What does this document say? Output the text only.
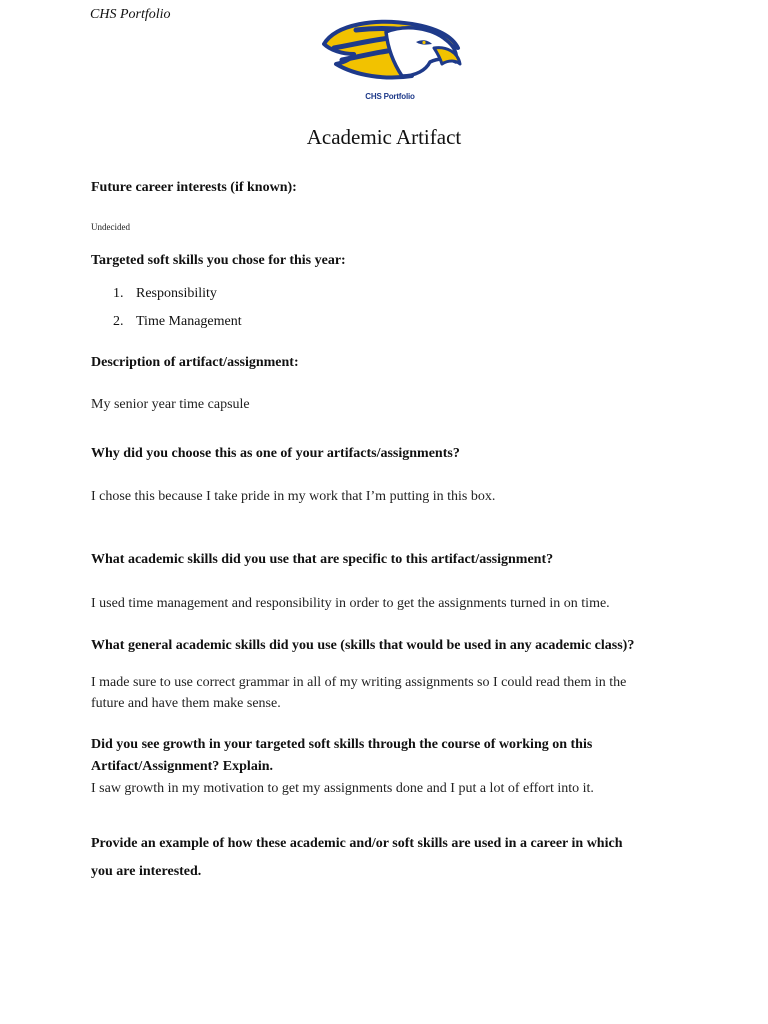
CHS Portfolio
CHS Portfolio
Academic Artifact
Future career interests (if known):
Undecided
Targeted soft skills you chose for this year:
1. Responsibility
2. Time Management
Description of artifact/assignment:
My senior year time capsule
Why did you choose this as one of your artifacts/assignments?
I chose this because I take pride in my work that I’m putting in this box.
What academic skills did you use that are specific to this artifact/assignment?
I used time management and responsibility in order to get the assignments turned in on time.
What general academic skills did you use (skills that would be used in any academic class)?
I made sure to use correct grammar in all of my writing assignments so I could read them in the
future and have them make sense.
Did you see growth in your targeted soft skills through the course of working on this
Artifact/Assignment? Explain.
I saw growth in my motivation to get my assignments done and I put a lot of effort into it.
Provide an example of how these academic and/or soft skills are used in a career in which
you are interested.
